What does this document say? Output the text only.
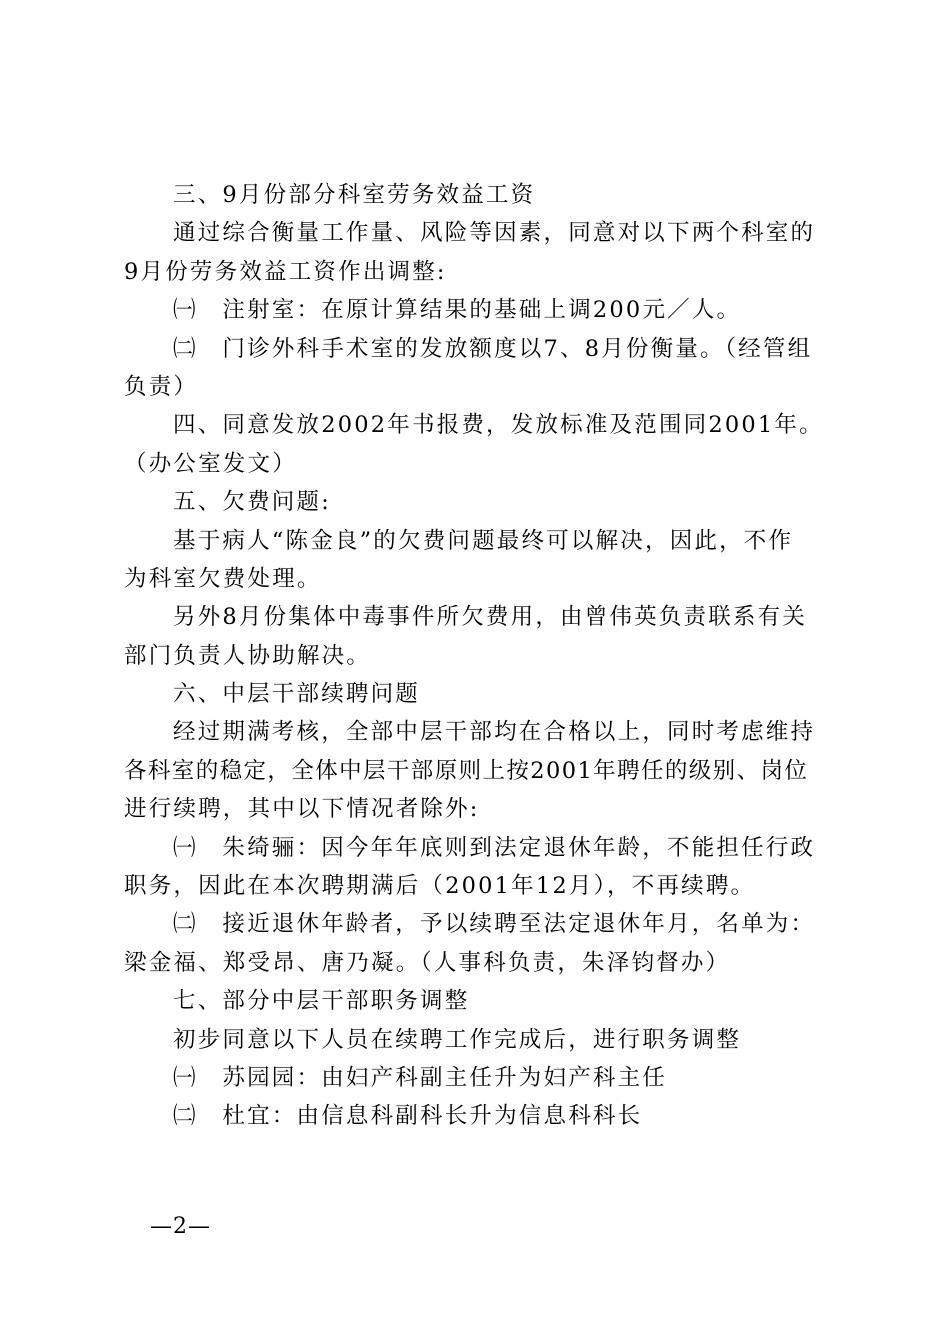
三、9月份部分科室劳务效益工资
通过综合衡量工作量、风险等因素，同意对以下两个科室的
9月份劳务效益工资作出调整:
㈠　注射室：在原计算结果的基础上调200元／人。
㈡　门诊外科手术室的发放额度以7、8月份衡量。（经管组
负责）
四、同意发放2002年书报费，发放标准及范围同2001年。
（办公室发文）
五、欠费问题:
基于病人“陈金良”的欠费问题最终可以解决，因此，不作
为科室欠费处理。
另外8月份集体中毒事件所欠费用，由曾伟英负责联系有关
部门负责人协助解决。
六、中层干部续聘问题
经过期满考核，全部中层干部均在合格以上，同时考虑维持
各科室的稳定，全体中层干部原则上按2001年聘任的级别、岗位
进行续聘，其中以下情况者除外:
㈠　朱绮骊：因今年年底则到法定退休年龄，不能担任行政
职务，因此在本次聘期满后（2001年12月），不再续聘。
㈡　接近退休年龄者，予以续聘至法定退休年月，名单为：
梁金福、郑受昂、唐乃凝。（人事科负责，朱泽钧督办）
七、部分中层干部职务调整
初步同意以下人员在续聘工作完成后，进行职务调整
㈠　苏园园：由妇产科副主任升为妇产科主任
㈡　杜宜：由信息科副科长升为信息科科长
—2—
